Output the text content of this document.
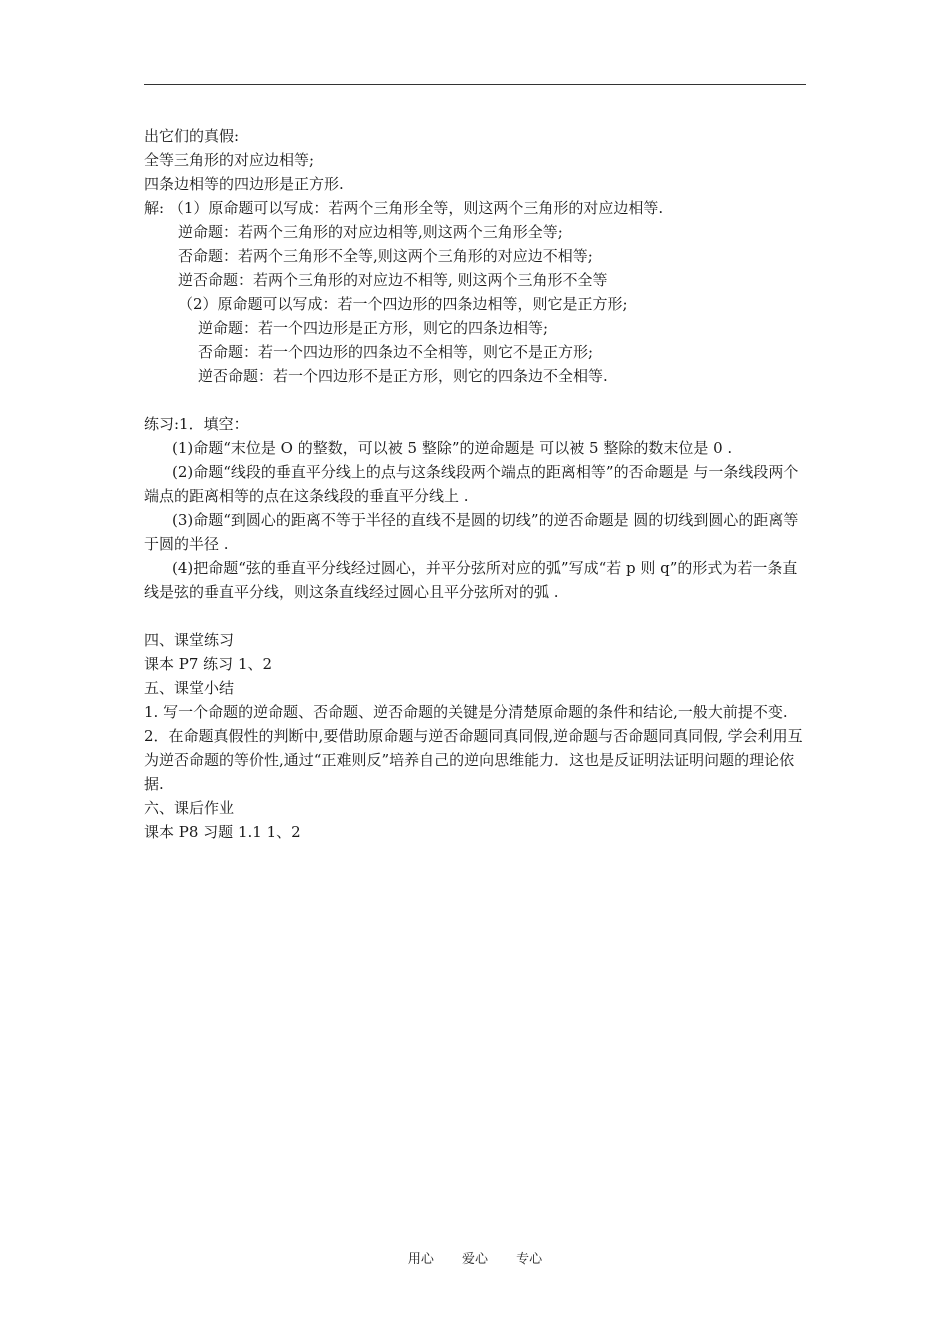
出它们的真假:
全等三角形的对应边相等;
四条边相等的四边形是正方形.
解: （1）原命题可以写成：若两个三角形全等，则这两个三角形的对应边相等.
逆命题：若两个三角形的对应边相等,则这两个三角形全等;
否命题：若两个三角形不全等,则这两个三角形的对应边不相等;
逆否命题：若两个三角形的对应边不相等, 则这两个三角形不全等
（2）原命题可以写成：若一个四边形的四条边相等，则它是正方形;
逆命题：若一个四边形是正方形，则它的四条边相等;
否命题：若一个四边形的四条边不全相等，则它不是正方形;
逆否命题：若一个四边形不是正方形，则它的四条边不全相等.
练习:1．填空：
(1)命题“末位是 O 的整数，可以被 5 整除”的逆命题是 可以被 5 整除的数末位是 0 .
(2)命题“线段的垂直平分线上的点与这条线段两个端点的距离相等”的否命题是 与一条线段两个端点的距离相等的点在这条线段的垂直平分线上 .
(3)命题“到圆心的距离不等于半径的直线不是圆的切线”的逆否命题是 圆的切线到圆心的距离等于圆的半径 .
(4)把命题“弦的垂直平分线经过圆心，并平分弦所对应的弧”写成“若 p 则 q”的形式为若一条直线是弦的垂直平分线，则这条直线经过圆心且平分弦所对的弧 .
四、课堂练习
课本 P7 练习 1、2
五、课堂小结
1. 写一个命题的逆命题、否命题、逆否命题的关键是分清楚原命题的条件和结论,一般大前提不变.
2．在命题真假性的判断中,要借助原命题与逆否命题同真同假,逆命题与否命题同真同假, 学会利用互为逆否命题的等价性,通过“正难则反”培养自己的逆向思维能力．这也是反证明法证明问题的理论依据.
六、课后作业
课本 P8 习题 1.1 1、2
用心 爱心 专心
